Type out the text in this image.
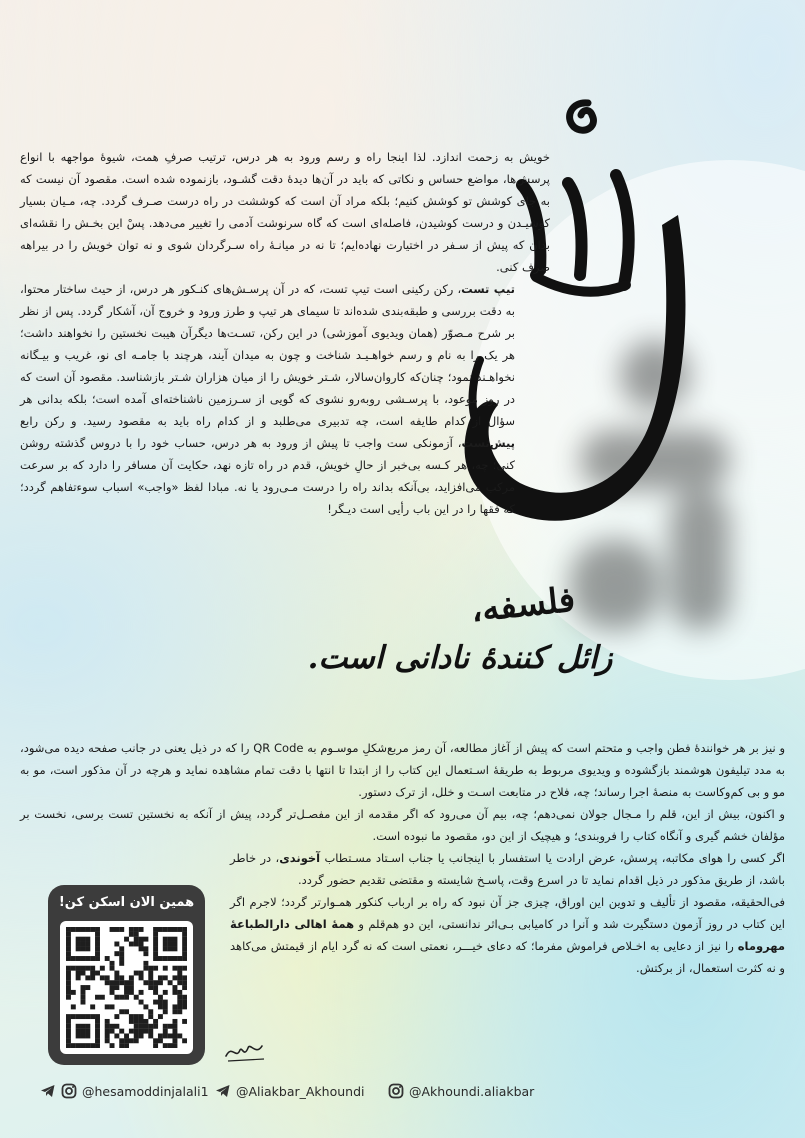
خویش به زحمت اندازد. لذا اینجا راه و رسم ورود به هر درس، ترتیب صرفِ همت، شیوهٔ مواجهه با انواع پرسش‌ها، مواضع حساس و نکاتی که باید در آن‌ها دیدهٔ دقت گشـود، بازنموده شده است. مقصود آن نیست که به جای کوشش تو کوشش کنیم؛ بلکه مراد آن است که کوششت در راه درست صـرف گردد. چه، مـیان بسیار کوشیـدن و درست کوشیدن، فاصله‌ای است که گاه سرنوشت آدمی را تغییر می‌دهد. پسْ این بخـش را نقشه‌ای بدان که پیش از سـفر در اختیارت نهاده‌ایم؛ تا نه در میانـهٔ راه سـرگردان شوی و نه توان خویش را در بیراهه صرف کنی.

تیپ تست، رکن رکینی است تیپ تست، که در آن پرسـش‌های کنـکور هر درس، از حیث ساختار محتوا، به دقت بررسی و طبقه‌بندی شده‌اند تا سیمای هر تیپ و طرز ورود و خروج آن، آشکار گردد. پس از نظر بر شرح مـصوّر (همان ویدیوی آموزشی) در این رکن، تسـت‌ها دیگرآن هیبت نخستین را نخواهند داشت؛ هر یک را به نام و رسم خواهـیـد شناخت و چون به میدان آیند، هرچند با جامـه ای نو، غریب و بیـگانه نخواهـند نمود؛ چنان‌که کاروان‌سالار، شـتر خویش را از میان هزاران شـتر بازشناسد. مقصود آن است که در روز موعود، با پرسـشی روبه‌رو نشوی که گویی از سـرزمین ناشناخته‌ای آمده است؛ بلکه بدانی هر سؤال از کدام طایفه است، چه تدبیری می‌طلبد و از کدام راه باید به مقصود رسید. و رکن رابع پیش‌تست، آزمونکی ست واجب تا پیش از ورود به هر درس، حساب خود را با دروس گذشته روشن کنی؛ چه، هر کـسه بی‌خبر از حالِ خویش، قدم در راه تازه نهد، حکایت آن مسافر را دارد که بر سرعت مرکب می‌افزاید، بی‌آنکه بداند راه را درست مـی‌رود یا نه. مبادا لفظ «واجب» اسباب سوءتفاهم گردد؛ که فقها را در این باب رأیی است دیـگر!

فلسفه،
زائل کنندهٔ نادانی است.

و نیز بر هر خوانندهٔ فطن واجب و متحتم است که پیش از آغاز مطالعه، آن رمز مربع‌شکلِ موسـوم به QR Code را که در ذیل یعنی در جانب صفحه دیده می‌شود، به مدد تیلیفون هوشمند بازگشوده و ویدیوی مربوط به طریقهٔ اسـتعمال این کتاب را از ابتدا تا انتها با دقت تمام مشاهده نماید و هرچه در آن مذکور است، مو به مو و بی کم‌وکاست به منصهٔ اجرا رساند؛ چه، فلاح در متابعت اسـت و خلل، از ترک دستور.

و اکنون، بیش از این، قلم را مـجال جولان نمی‌دهم؛ چه، بیم آن می‌رود که اگر مقدمه از این مفصـل‌تر گردد، پیش از آنکه به نخستین تست برسی، نخست بر مؤلفان خشم گیری و آنگاه کتاب را فروبندی؛ و هیچیک از این دو، مقصود ما نبوده است.

اگر کسی را هوای مکاتبه، پرسش، عرض ارادت یا استفسار با اینجانب یا جناب اسـتاد مسـتطاب آخوندی، در خاطر باشد، از طریق مذکور در ذیل اقدام نماید تا در اسرع وقت، پاسـخ شایسته و مقتضی تقدیم حضور گردد.

فی‌الحقیقه، مقصود از تألیف و تدوین این اوراق، چیزی جز آن نبود که راه بر ارباب کنکور همـوارتر گردد؛ لاجرم اگر این کتاب در روز آزمون دستگیرت شد و آنرا در کامیابی بـی‌اثر ندانستی، این دو هم‌قلم و همهٔ اهالی دارالطباعهٔ مهروماه را نیز از دعایی به اخـلاص فراموش مفرما؛ که دعای خیـــر، نعمتی است که نه گرد ایام از قیمتش می‌کاهد و نه کثرت استعمال، از برکتش.

همین الان اسکن کن!
@hesamoddinjalali1 @Aliakbar_Akhoundi	@Akhoundi.aliakbar
